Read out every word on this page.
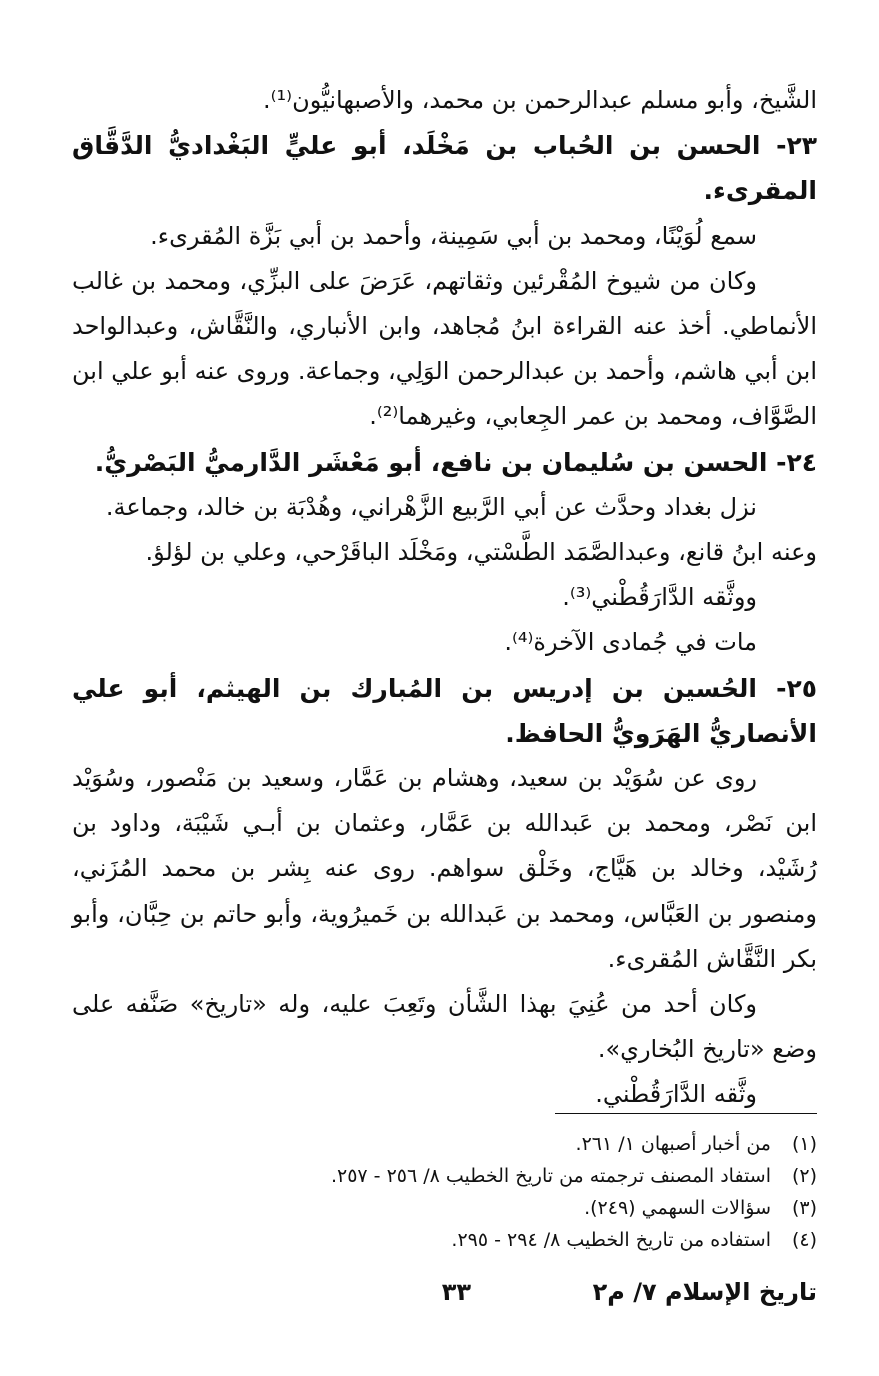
الشَّيخ، وأبو مسلم عبدالرحمن بن محمد، والأصبهانيُّون⁽¹⁾.

٢٣- الحسن بن الحُباب بن مَخْلَد، أبو عليٍّ البَغْداديُّ الدَّقَّاق المقرىء.

سمع لُوَيْنًا، ومحمد بن أبي سَمِينة، وأحمد بن أبي بَزَّة المُقرىء.

وكان من شيوخ المُقْرئين وثقاتهم، عَرَضَ على البزِّي، ومحمد بن غالب الأنماطي. أخذ عنه القراءة ابنُ مُجاهد، وابن الأنباري، والنَّقَّاش، وعبدالواحد ابن أبي هاشم، وأحمد بن عبدالرحمن الوَلِي، وجماعة. وروى عنه أبو علي ابن الصَّوَّاف، ومحمد بن عمر الجِعابي، وغيرهما⁽²⁾.

٢٤- الحسن بن سُليمان بن نافع، أبو مَعْشَر الدَّارميُّ البَصْريُّ.

نزل بغداد وحدَّث عن أبي الرَّبيع الزَّهْراني، وهُدْبَة بن خالد، وجماعة.

وعنه ابنُ قانع، وعبدالصَّمَد الطَّسْتي، ومَخْلَد الباقَرْحي، وعلي بن لؤلؤ.

ووثَّقه الدَّارَقُطْني⁽³⁾.

مات في جُمادى الآخرة⁽⁴⁾.

٢٥- الحُسين بن إدريس بن المُبارك بن الهيثم، أبو علي الأنصاريُّ الهَرَويُّ الحافظ.

روى عن سُوَيْد بن سعيد، وهشام بن عَمَّار، وسعيد بن مَنْصور، وسُوَيْد ابن نَصْر، ومحمد بن عَبدالله بن عَمَّار، وعثمان بن أبـي شَيْبَة، وداود بن رُشَيْد، وخالد بن هَيَّاج، وخَلْق سواهم. روى عنه بِشر بن محمد المُزَني، ومنصور بن العَبَّاس، ومحمد بن عَبدالله بن خَميرُوية، وأبو حاتم بن حِبَّان، وأبو بكر النَّقَّاش المُقرىء.

وكان أحد من عُنِيَ بهذا الشَّأن وتَعِبَ عليه، وله «تاريخ» صَنَّفه على وضع «تاريخ البُخاري».

وثَّقه الدَّارَقُطْني.

(١)من أخبار أصبهان ١/ ٢٦١.
(٢)استفاد المصنف ترجمته من تاريخ الخطيب ٨/ ٢٥٦ - ٢٥٧.
(٣)سؤالات السهمي (٢٤٩).
(٤)استفاده من تاريخ الخطيب ٨/ ٢٩٤ - ٢٩٥.
تاريخ الإسلام ٧/ م٢
٣٣
